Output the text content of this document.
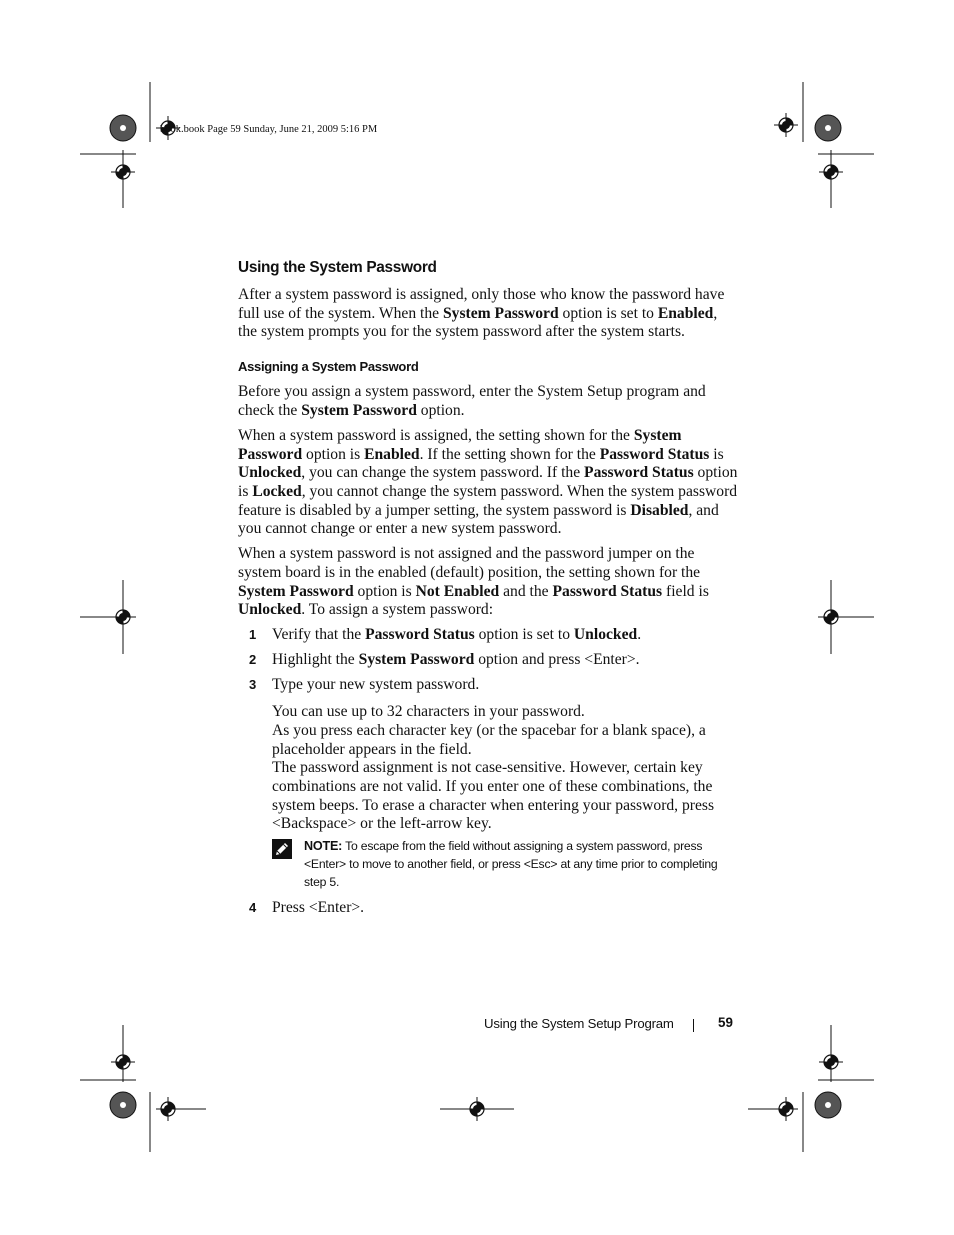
book.book Page 59 Sunday, June 21, 2009 5:16 PM
Using the System Password

After a system password is assigned, only those who know the password have full use of the system. When the System Password option is set to Enabled, the system prompts you for the system password after the system starts.

Assigning a System Password

Before you assign a system password, enter the System Setup program and check the System Password option.

When a system password is assigned, the setting shown for the System Password option is Enabled. If the setting shown for the Password Status is Unlocked, you can change the system password. If the Password Status option is Locked, you cannot change the system password. When the system password feature is disabled by a jumper setting, the system password is Disabled, and you cannot change or enter a new system password.

When a system password is not assigned and the password jumper on the system board is in the enabled (default) position, the setting shown for the System Password option is Not Enabled and the Password Status field is Unlocked. To assign a system password:

1 Verify that the Password Status option is set to Unlocked.
2 Highlight the System Password option and press <Enter>.
3 Type your new system password.

You can use up to 32 characters in your password.

As you press each character key (or the spacebar for a blank space), a placeholder appears in the field.

The password assignment is not case-sensitive. However, certain key combinations are not valid. If you enter one of these combinations, the system beeps. To erase a character when entering your password, press <Backspace> or the left-arrow key.

NOTE: To escape from the field without assigning a system password, press <Enter> to move to another field, or press <Esc> at any time prior to completing step 5.
4 Press <Enter>.
Using the System Setup Program	59
